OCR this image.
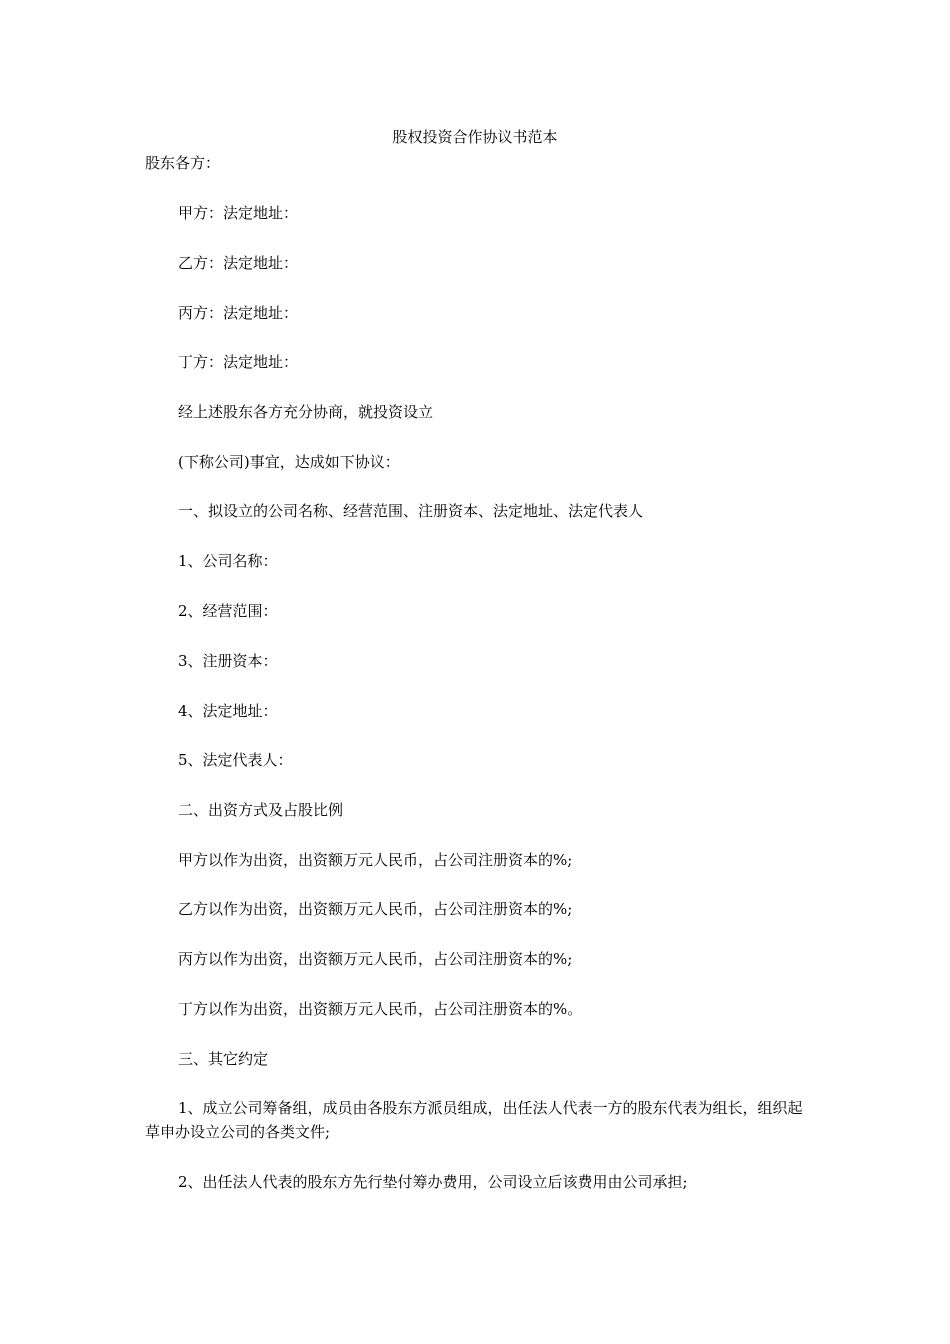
股权投资合作协议书范本
股东各方：
甲方：法定地址：
乙方：法定地址：
丙方：法定地址：
丁方：法定地址：
经上述股东各方充分协商，就投资设立
(下称公司)事宜，达成如下协议：
一、拟设立的公司名称、经营范围、注册资本、法定地址、法定代表人
1、公司名称：
2、经营范围：
3、注册资本：
4、法定地址：
5、法定代表人：
二、出资方式及占股比例
甲方以作为出资，出资额万元人民币，占公司注册资本的%;
乙方以作为出资，出资额万元人民币，占公司注册资本的%;
丙方以作为出资，出资额万元人民币，占公司注册资本的%;
丁方以作为出资，出资额万元人民币，占公司注册资本的%。
三、其它约定
1、成立公司筹备组，成员由各股东方派员组成，出任法人代表一方的股东代表为组长，组织起草申办设立公司的各类文件;
2、出任法人代表的股东方先行垫付筹办费用，公司设立后该费用由公司承担;
